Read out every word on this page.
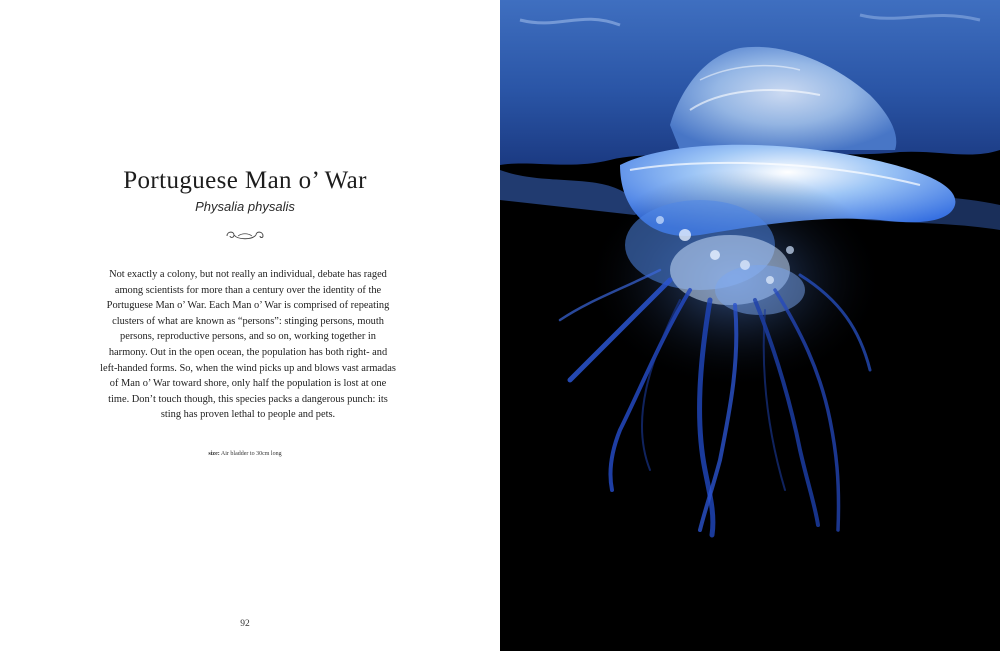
Portuguese Man o’ War

Physalia physalis

Not exactly a colony, but not really an individual, debate has raged among scientists for more than a century over the identity of the Portuguese Man o’ War. Each Man o’ War is comprised of repeating clusters of what are known as “persons”: stinging persons, mouth persons, reproductive persons, and so on, working together in harmony. Out in the open ocean, the population has both right- and left-handed forms. So, when the wind picks up and blows vast armadas of Man o’ War toward shore, only half the population is lost at one time. Don’t touch though, this species packs a dangerous punch: its sting has proven lethal to people and pets.

size: Air bladder to 30cm long
92
